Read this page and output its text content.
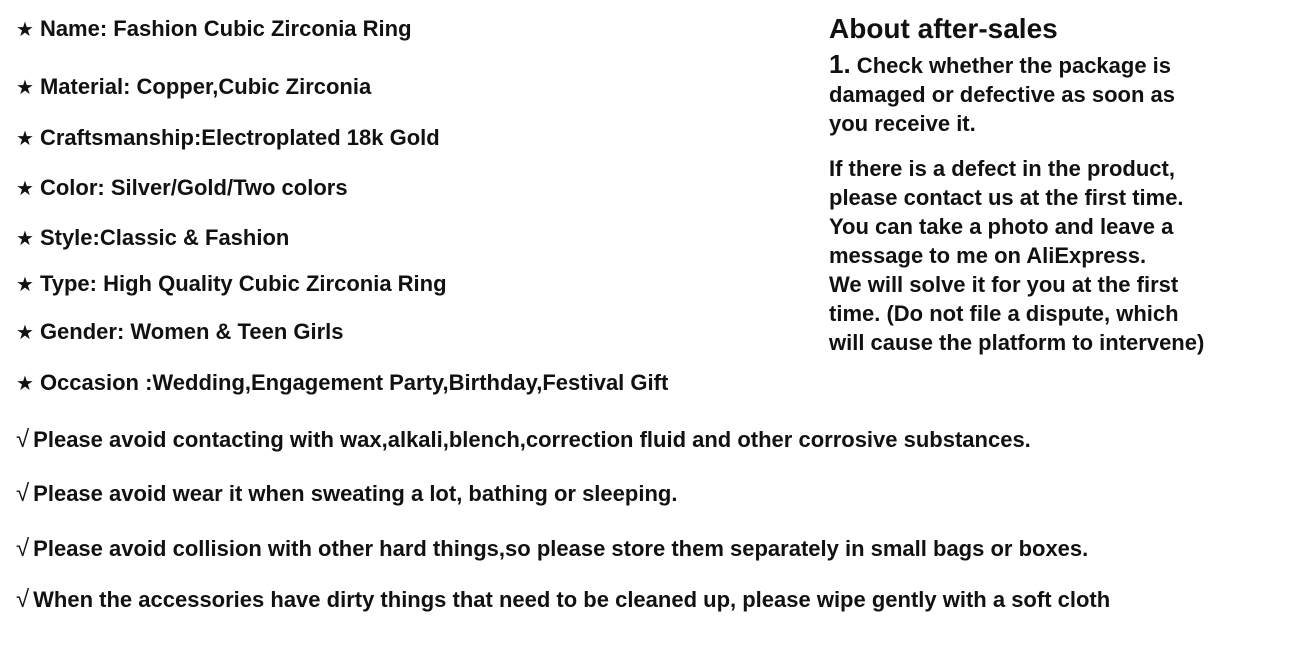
★ Name: Fashion Cubic Zirconia Ring
★ Material: Copper,Cubic Zirconia
★ Craftsmanship:Electroplated 18k Gold
★ Color: Silver/Gold/Two colors
★ Style:Classic & Fashion
★ Type: High Quality Cubic Zirconia Ring
★ Gender: Women & Teen Girls
★ Occasion :Wedding,Engagement Party,Birthday,Festival Gift
√ Please avoid contacting with wax,alkali,blench,correction fluid and other corrosive substances.
√ Please avoid wear it when sweating a lot, bathing or sleeping.
√ Please avoid collision with other hard things,so please store them separately in small bags or boxes.
√ When the accessories have dirty things that need to be cleaned up, please wipe gently with a soft cloth
About after-sales

1. Check whether the package is
damaged or defective as soon as
you receive it.

If there is a defect in the product,
please contact us at the first time.
You can take a photo and leave a
message to me on AliExpress.
We will solve it for you at the first
time. (Do not file a dispute, which
will cause the platform to intervene)
